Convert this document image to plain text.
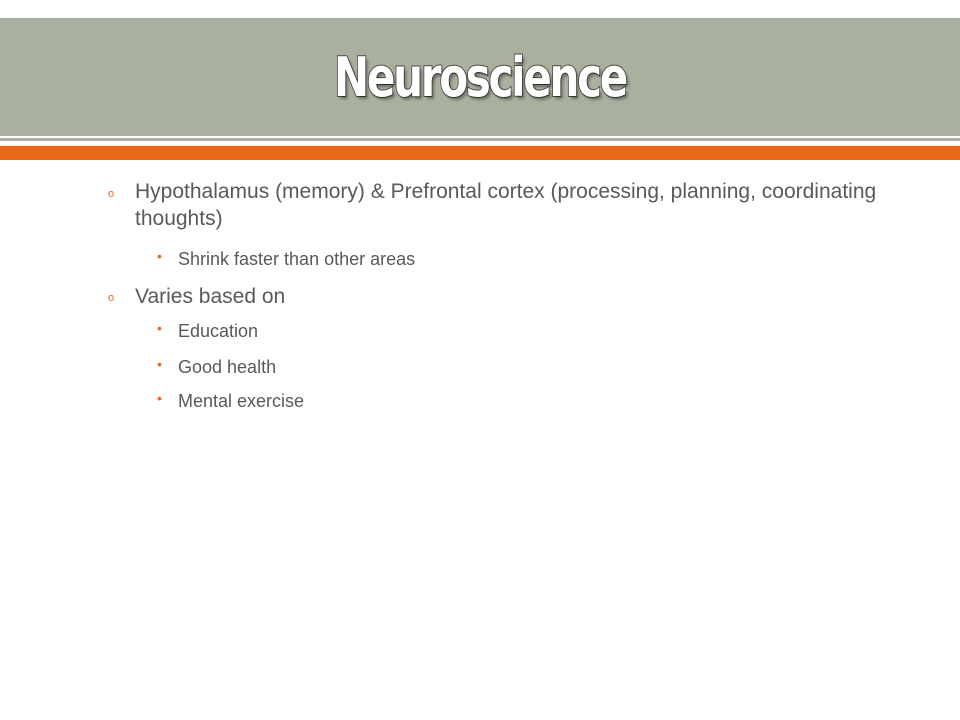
Neuroscience
o Hypothalamus (memory) & Prefrontal cortex (processing, planning, coordinating thoughts)
• Shrink faster than other areas
o Varies based on
• Education
• Good health
• Mental exercise
